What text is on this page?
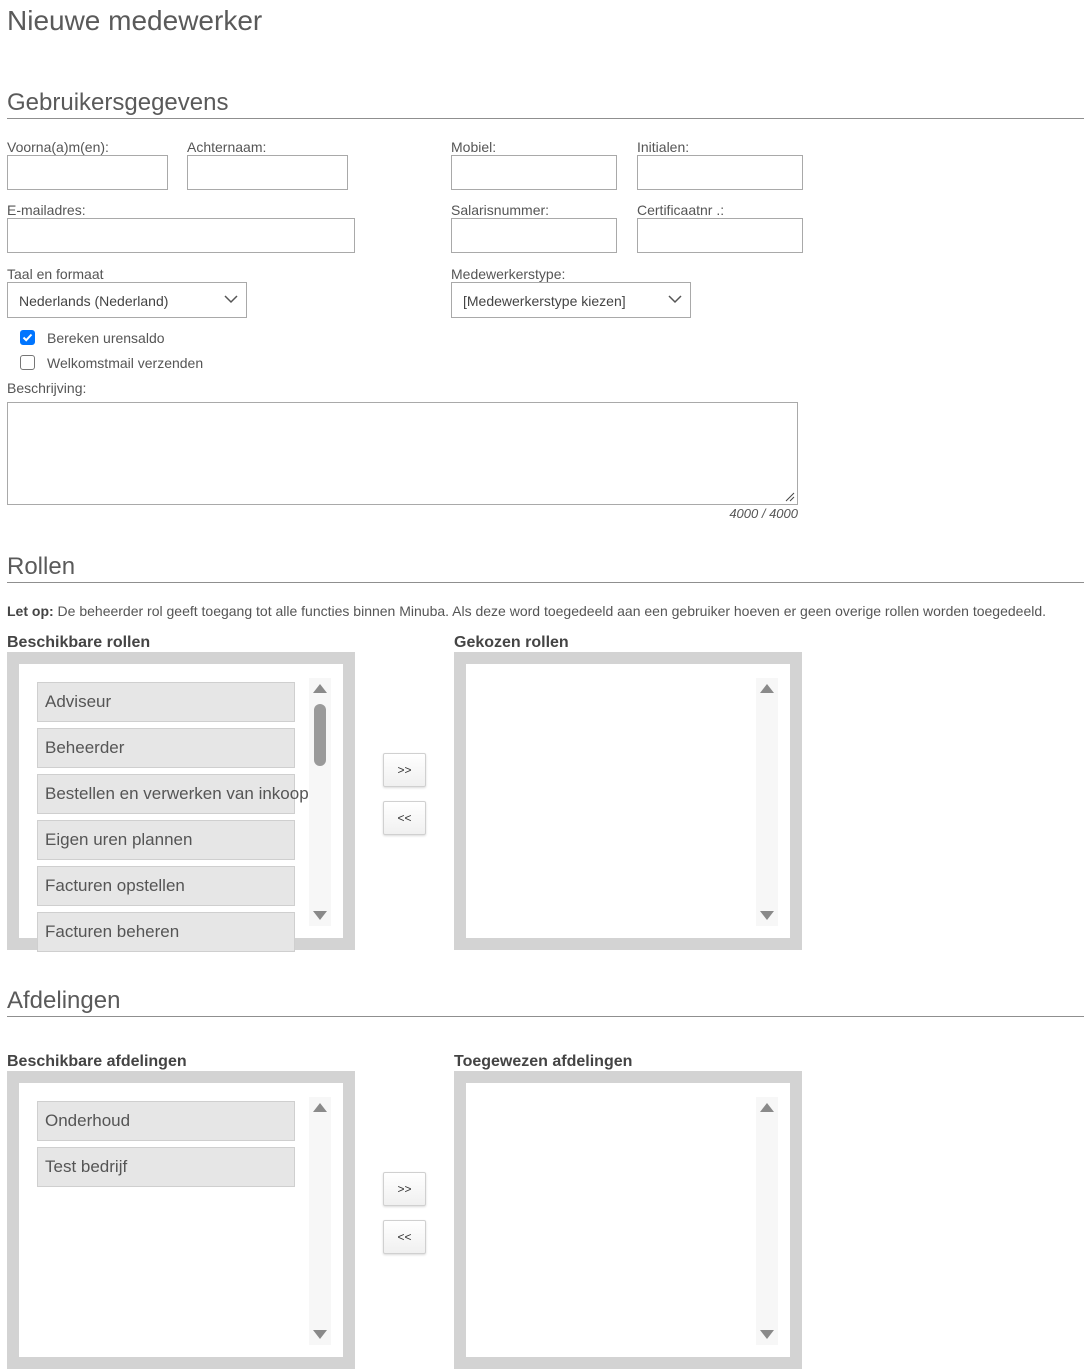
Nieuwe medewerker
Gebruikersgegevens
Voorna(a)m(en):	Achternaam:	Mobiel:	Initialen:
E-mailadres:	Salarisnummer:	Certificaatnr .:
Taal en formaat
Nederlands (Nederland)
Medewerkerstype:
[Medewerkerstype kiezen]
Bereken urensaldo
Welkomstmail verzenden
Beschrijving:
4000 / 4000
Rollen
Let op: De beheerder rol geeft toegang tot alle functies binnen Minuba. Als deze word toegedeeld aan een gebruiker hoeven er geen overige rollen worden toegedeeld.
Beschikbare rollen
Adviseur
Beheerder
Bestellen en verwerken van inkoop
Eigen uren plannen
Facturen opstellen
Facturen beheren
>>
<<
Gekozen rollen
Afdelingen
Beschikbare afdelingen
Onderhoud
Test bedrijf
>>
<<
Toegewezen afdelingen
